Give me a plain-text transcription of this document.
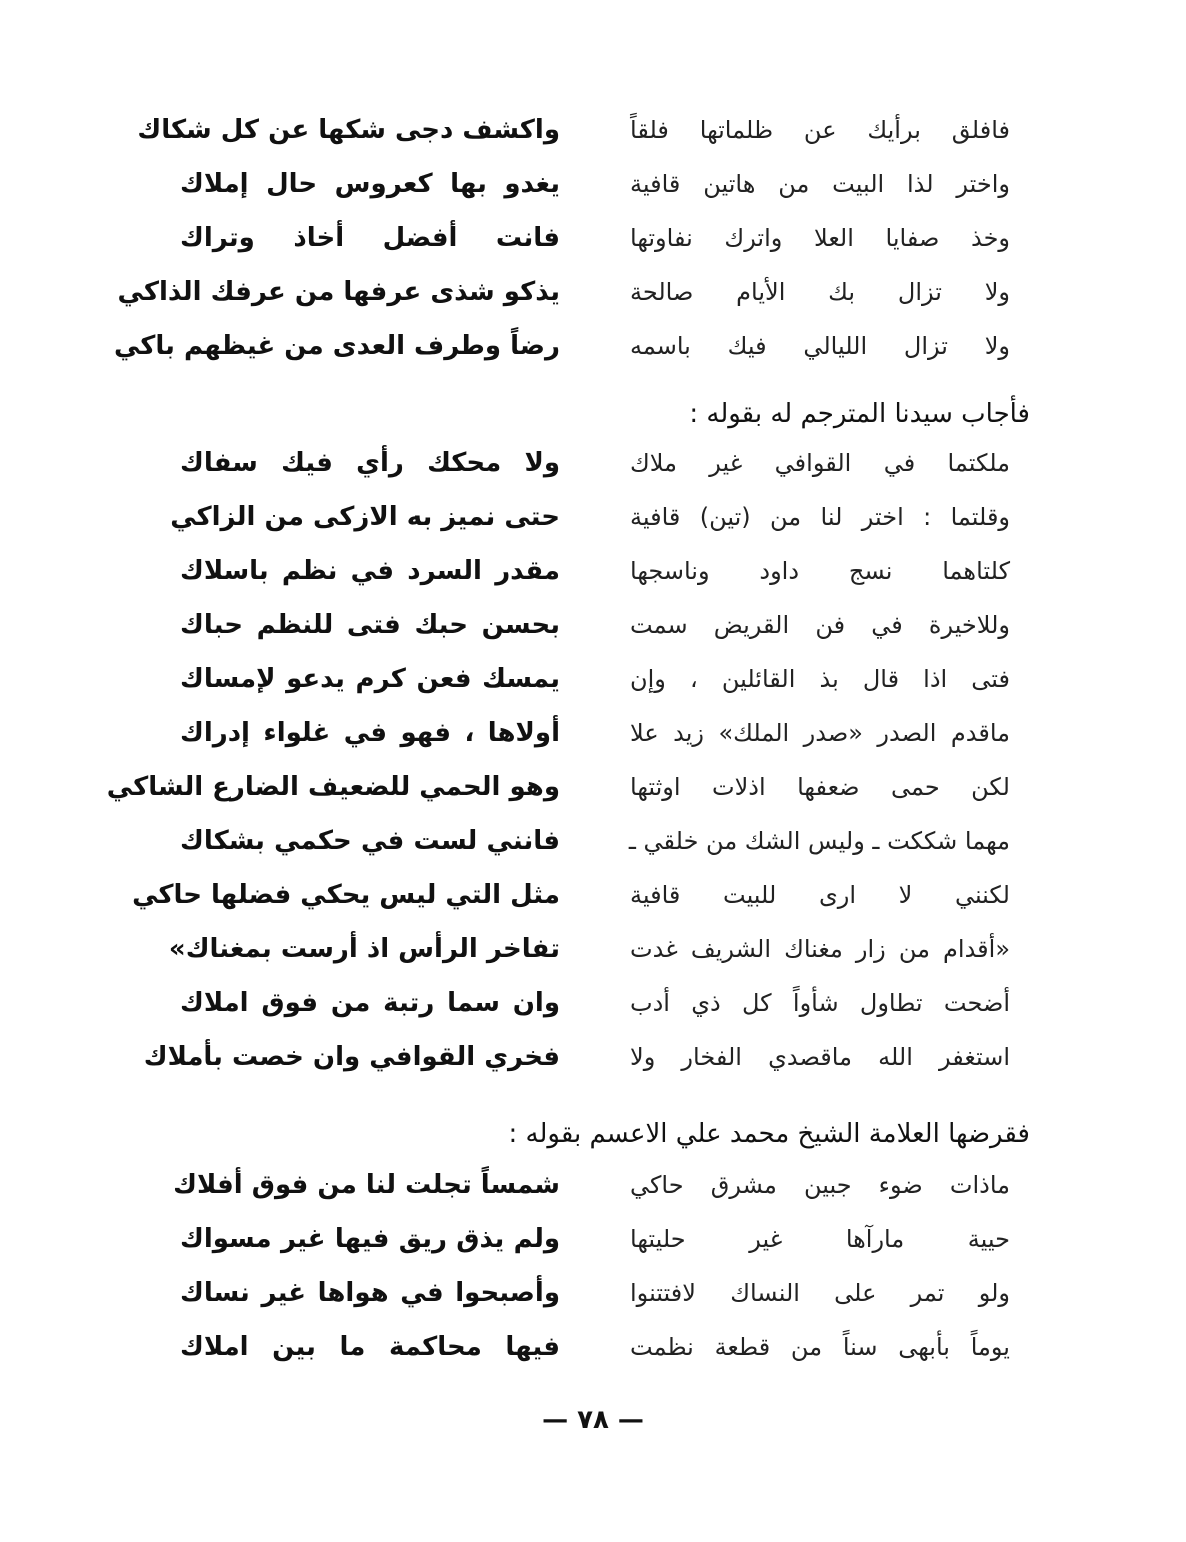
فافلق برأيك عن ظلماتها فلقاً
واكشف دجى شكها عن كل شكاك
واختر لذا البيت من هاتين قافية
يغدو بها كعروس حال إملاك
وخذ صفايا العلا واترك نفاوتها
فانت أفضل أخاذ وتراك
ولا تزال بك الأيام صالحة
يذكو شذى عرفها من عرفك الذاكي
ولا تزال الليالي فيك باسمه
رضاً وطرف العدى من غيظهم باكي
فأجاب سيدنا المترجم له بقوله :
ملكتما في القوافي غير ملاك
ولا محكك رأي فيك سفاك
وقلتما : اختر لنا من (تين) قافية
حتى نميز به الازكى من الزاكي
كلتاهما نسج داود وناسجها
مقدر السرد في نظم باسلاك
وللاخيرة في فن القريض سمت
بحسن حبك فتى للنظم حباك
فتى اذا قال بذ القائلين ، وإن
يمسك فعن كرم يدعو لإمساك
ماقدم الصدر «صدر الملك» زيد علا
أولاها ، فهو في غلواء إدراك
لكن حمى ضعفها اذلات اوثتها
وهو الحمي للضعيف الضارع الشاكي
مهما شككت ـ وليس الشك من خلقي ـ
فانني لست في حكمي بشكاك
لكنني لا ارى للبيت قافية
مثل التي ليس يحكي فضلها حاكي
«أقدام من زار مغناك الشريف غدت
تفاخر الرأس اذ أرست بمغناك»
أضحت تطاول شأواً كل ذي أدب
وان سما رتبة من فوق املاك
استغفر الله ماقصدي الفخار ولا
فخري القوافي وان خصت بأملاك
فقرضها العلامة الشيخ محمد علي الاعسم بقوله :
ماذات ضوء جبين مشرق حاكي
شمساً تجلت لنا من فوق أفلاك
حيية مارآها غير حليتها
ولم يذق ريق فيها غير مسواك
ولو تمر على النساك لافتتنوا
وأصبحوا في هواها غير نساك
يوماً بأبهى سناً من قطعة نظمت
فيها محاكمة ما بين املاك
— ٧٨ —
